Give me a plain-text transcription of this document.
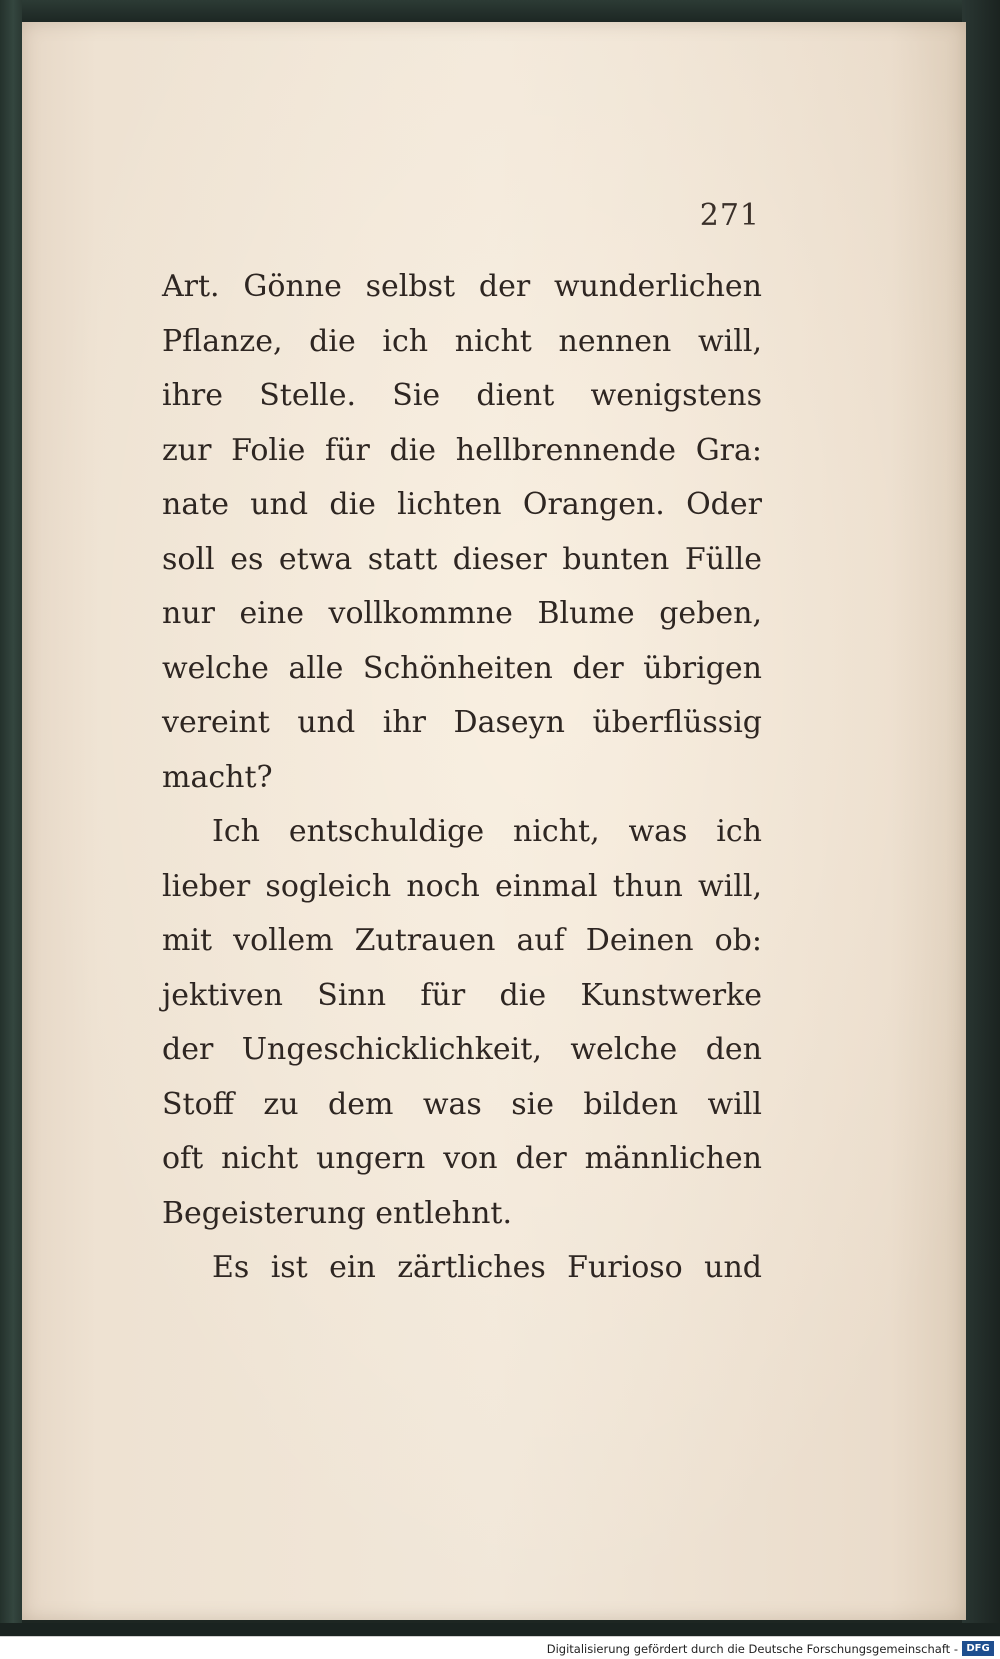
271
Art. Gönne selbst der wunderlichen
Pflanze, die ich nicht nennen will,
ihre Stelle. Sie dient wenigstens
zur Folie für die hellbrennende Gra:
nate und die lichten Orangen. Oder
soll es etwa statt dieser bunten Fülle
nur eine vollkommne Blume geben,
welche alle Schönheiten der übrigen
vereint und ihr Daseyn überflüssig
macht?
Ich entschuldige nicht, was ich
lieber sogleich noch einmal thun will,
mit vollem Zutrauen auf Deinen ob:
jektiven Sinn für die Kunstwerke
der Ungeschicklichkeit, welche den
Stoff zu dem was sie bilden will
oft nicht ungern von der männlichen
Begeisterung entlehnt.
Es ist ein zärtliches Furioso und
Digitalisierung gefördert durch die Deutsche Forschungsgemeinschaft - DFG
